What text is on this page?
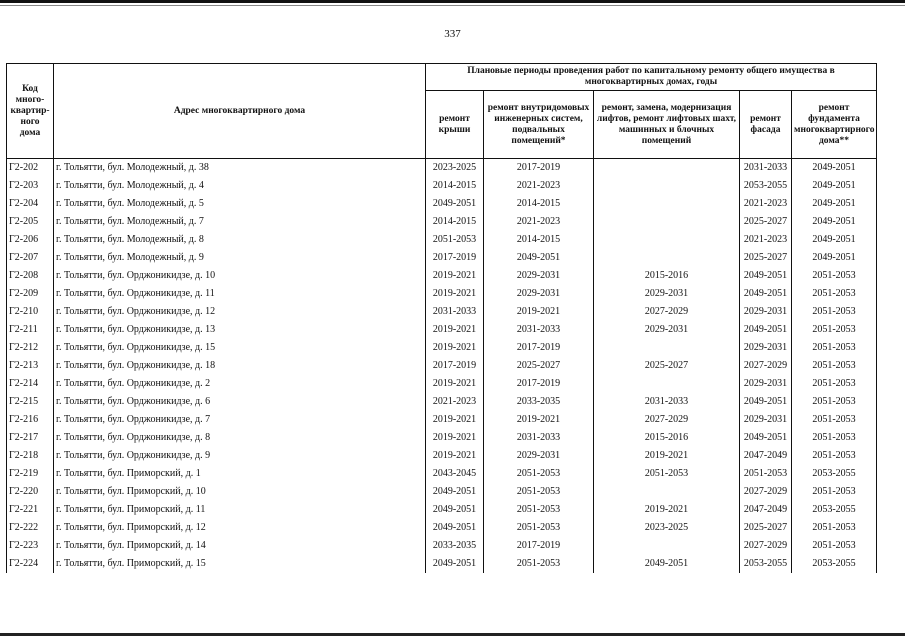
337
Код
много-
квартир-
ного
дома	Адрес многоквартирного дома	Плановые периоды проведения работ по капитальному ремонту общего имущества в многоквартирных домах, годы				
		ремонт крыши	ремонт внутридомовых инженерных систем, подвальных помещений*	ремонт, замена, модернизация лифтов, ремонт лифтовых шахт, машинных и блочных помещений	ремонт фасада	ремонт фундамента многоквартирного дома**
Г2-202	г. Тольятти, бул. Молодежный, д. 38	2023-2025	2017-2019		2031-2033	2049-2051
Г2-203	г. Тольятти, бул. Молодежный, д. 4	2014-2015	2021-2023		2053-2055	2049-2051
Г2-204	г. Тольятти, бул. Молодежный, д. 5	2049-2051	2014-2015		2021-2023	2049-2051
Г2-205	г. Тольятти, бул. Молодежный, д. 7	2014-2015	2021-2023		2025-2027	2049-2051
Г2-206	г. Тольятти, бул. Молодежный, д. 8	2051-2053	2014-2015		2021-2023	2049-2051
Г2-207	г. Тольятти, бул. Молодежный, д. 9	2017-2019	2049-2051		2025-2027	2049-2051
Г2-208	г. Тольятти, бул. Орджоникидзе, д. 10	2019-2021	2029-2031	2015-2016	2049-2051	2051-2053
Г2-209	г. Тольятти, бул. Орджоникидзе, д. 11	2019-2021	2029-2031	2029-2031	2049-2051	2051-2053
Г2-210	г. Тольятти, бул. Орджоникидзе, д. 12	2031-2033	2019-2021	2027-2029	2029-2031	2051-2053
Г2-211	г. Тольятти, бул. Орджоникидзе, д. 13	2019-2021	2031-2033	2029-2031	2049-2051	2051-2053
Г2-212	г. Тольятти, бул. Орджоникидзе, д. 15	2019-2021	2017-2019		2029-2031	2051-2053
Г2-213	г. Тольятти, бул. Орджоникидзе, д. 18	2017-2019	2025-2027	2025-2027	2027-2029	2051-2053
Г2-214	г. Тольятти, бул. Орджоникидзе, д. 2	2019-2021	2017-2019		2029-2031	2051-2053
Г2-215	г. Тольятти, бул. Орджоникидзе, д. 6	2021-2023	2033-2035	2031-2033	2049-2051	2051-2053
Г2-216	г. Тольятти, бул. Орджоникидзе, д. 7	2019-2021	2019-2021	2027-2029	2029-2031	2051-2053
Г2-217	г. Тольятти, бул. Орджоникидзе, д. 8	2019-2021	2031-2033	2015-2016	2049-2051	2051-2053
Г2-218	г. Тольятти, бул. Орджоникидзе, д. 9	2019-2021	2029-2031	2019-2021	2047-2049	2051-2053
Г2-219	г. Тольятти, бул. Приморский, д. 1	2043-2045	2051-2053	2051-2053	2051-2053	2053-2055
Г2-220	г. Тольятти, бул. Приморский, д. 10	2049-2051	2051-2053		2027-2029	2051-2053
Г2-221	г. Тольятти, бул. Приморский, д. 11	2049-2051	2051-2053	2019-2021	2047-2049	2053-2055
Г2-222	г. Тольятти, бул. Приморский, д. 12	2049-2051	2051-2053	2023-2025	2025-2027	2051-2053
Г2-223	г. Тольятти, бул. Приморский, д. 14	2033-2035	2017-2019		2027-2029	2051-2053
Г2-224	г. Тольятти, бул. Приморский, д. 15	2049-2051	2051-2053	2049-2051	2053-2055	2053-2055
